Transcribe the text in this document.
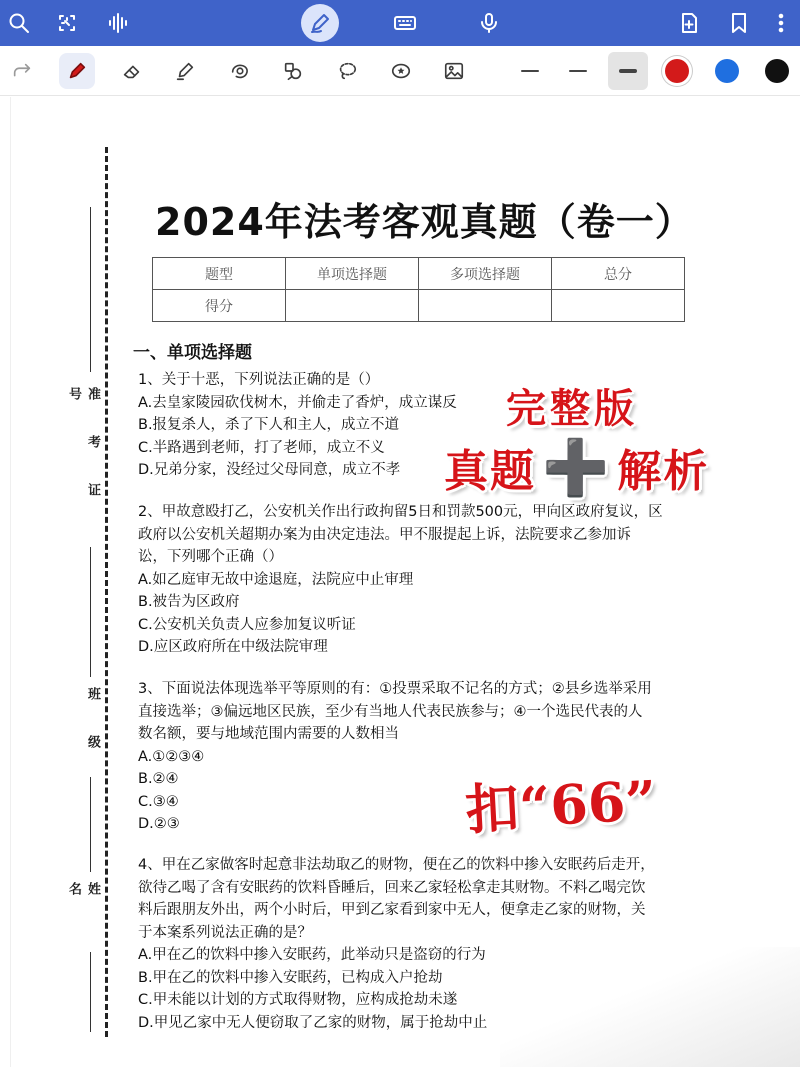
准 考 证 号
班 级
姓 名
2024年法考客观真题（卷一）
题型	单项选择题	多项选择题	总分
得分			
一、单项选择题
1、关于十恶，下列说法正确的是（）
A.去皇家陵园砍伐树木，并偷走了香炉，成立谋反
B.报复杀人，杀了下人和主人，成立不道
C.半路遇到老师，打了老师，成立不义
D.兄弟分家，没经过父母同意，成立不孝
2、甲故意殴打乙，公安机关作出行政拘留5日和罚款500元，甲向区政府复议，区
政府以公安机关超期办案为由决定违法。甲不服提起上诉，法院要求乙参加诉
讼，下列哪个正确（）
A.如乙庭审无故中途退庭，法院应中止审理
B.被告为区政府
C.公安机关负责人应参加复议听证
D.应区政府所在中级法院审理
3、下面说法体现选举平等原则的有：①投票采取不记名的方式；②县乡选举采用
直接选举；③偏远地区民族，至少有当地人代表民族参与；④一个选民代表的人
数名额，要与地域范围内需要的人数相当
A.①②③④
B.②④
C.③④
D.②③
4、甲在乙家做客时起意非法劫取乙的财物，便在乙的饮料中掺入安眠药后走开，
欲待乙喝了含有安眠药的饮料昏睡后，回来乙家轻松拿走其财物。不料乙喝完饮
料后跟朋友外出，两个小时后，甲到乙家看到家中无人，便拿走乙家的财物，关
于本案系列说法正确的是？
A.甲在乙的饮料中掺入安眠药，此举动只是盗窃的行为
B.甲在乙的饮料中掺入安眠药，已构成入户抢劫
C.甲未能以计划的方式取得财物，应构成抢劫未遂
D.甲见乙家中无人便窃取了乙家的财物，属于抢劫中止
完整版
真题 ➕ 解析
扣“66”
